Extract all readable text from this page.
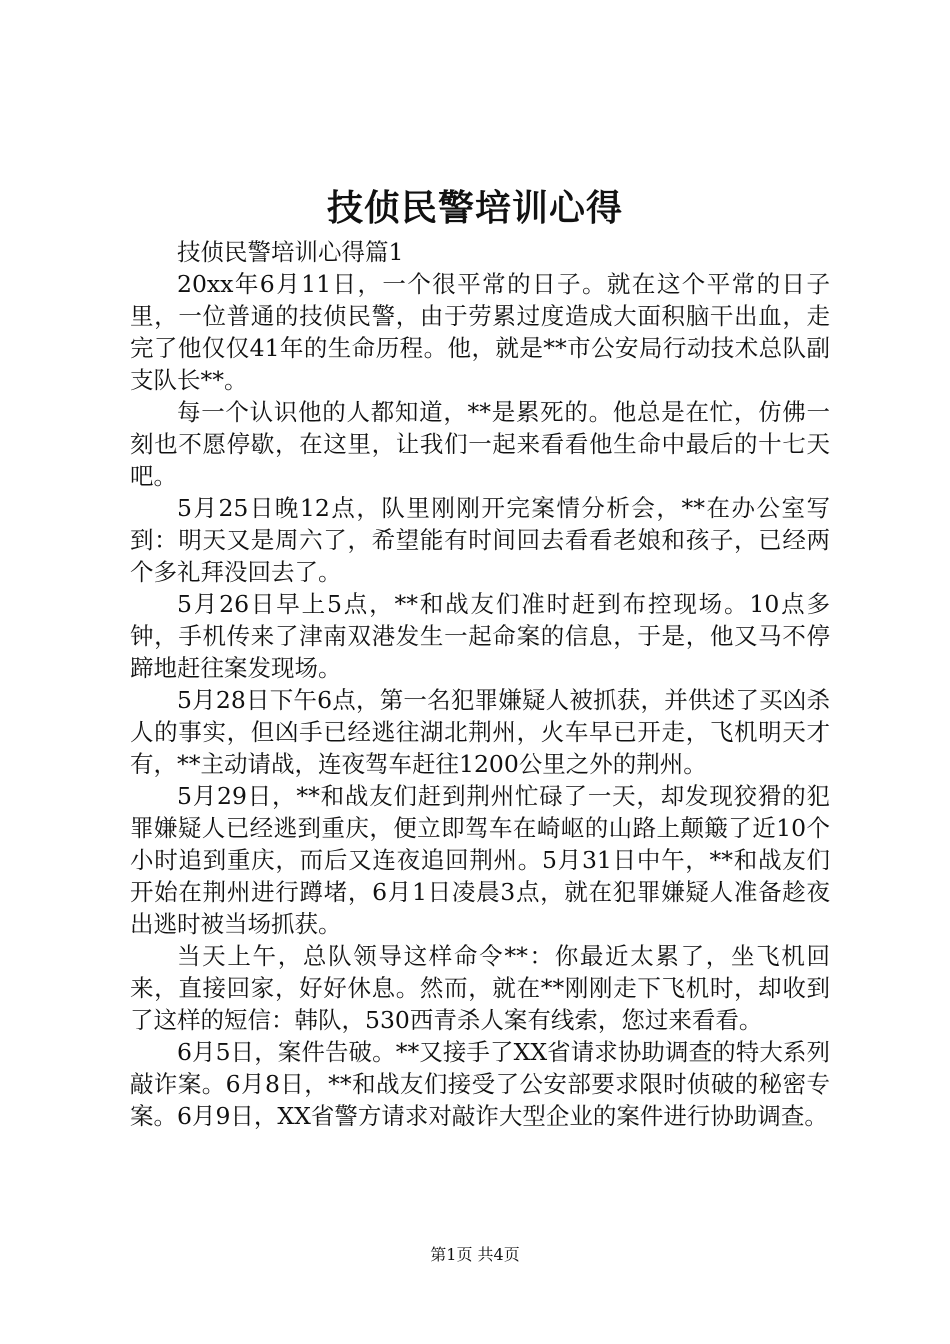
技侦民警培训心得

技侦民警培训心得篇1

20xx年6月11日，一个很平常的日子。就在这个平常的日子里，一位普通的技侦民警，由于劳累过度造成大面积脑干出血，走完了他仅仅41年的生命历程。他，就是**市公安局行动技术总队副支队长**。

每一个认识他的人都知道，**是累死的。他总是在忙，仿佛一刻也不愿停歇，在这里，让我们一起来看看他生命中最后的十七天吧。

5月25日晚12点，队里刚刚开完案情分析会，**在办公室写到：明天又是周六了，希望能有时间回去看看老娘和孩子，已经两个多礼拜没回去了。

5月26日早上5点，**和战友们准时赶到布控现场。10点多钟，手机传来了津南双港发生一起命案的信息，于是，他又马不停蹄地赶往案发现场。

5月28日下午6点，第一名犯罪嫌疑人被抓获，并供述了买凶杀人的事实，但凶手已经逃往湖北荆州，火车早已开走，飞机明天才有，**主动请战，连夜驾车赶往1200公里之外的荆州。

5月29日，**和战友们赶到荆州忙碌了一天，却发现狡猾的犯罪嫌疑人已经逃到重庆，便立即驾车在崎岖的山路上颠簸了近10个小时追到重庆，而后又连夜追回荆州。5月31日中午，**和战友们开始在荆州进行蹲堵，6月1日凌晨3点，就在犯罪嫌疑人准备趁夜出逃时被当场抓获。

当天上午，总队领导这样命令**：你最近太累了，坐飞机回来，直接回家，好好休息。然而，就在**刚刚走下飞机时，却收到了这样的短信：韩队，530西青杀人案有线索，您过来看看。

6月5日，案件告破。**又接手了XX省请求协助调查的特大系列敲诈案。6月8日，**和战友们接受了公安部要求限时侦破的秘密专案。6月9日，XX省警方请求对敲诈大型企业的案件进行协助调查。

第1页 共4页
